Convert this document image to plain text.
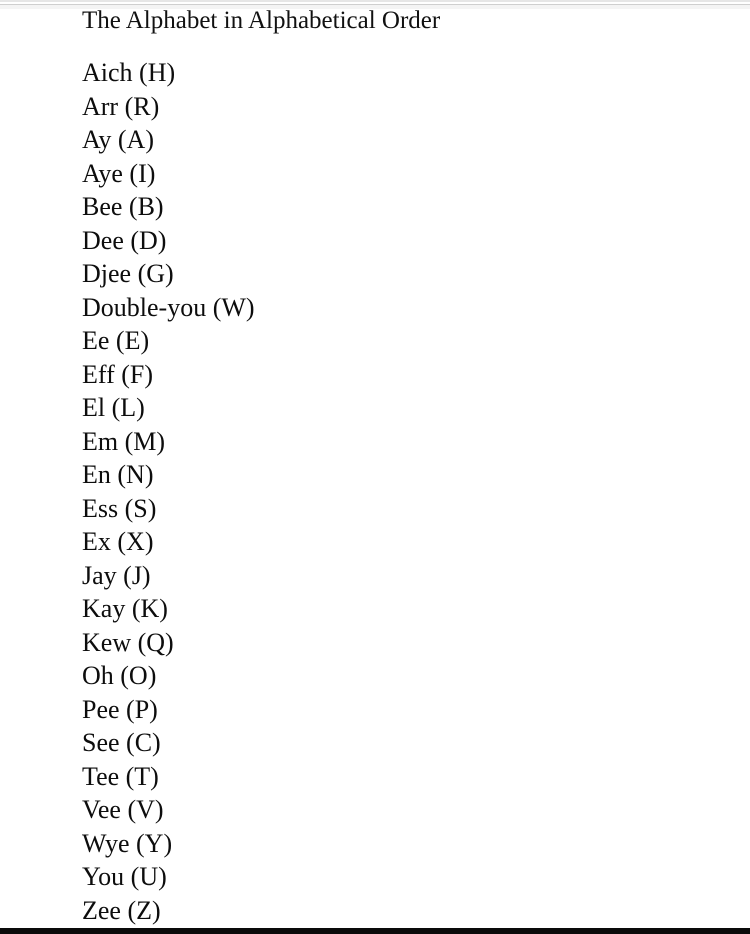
The Alphabet in Alphabetical Order
Aich (H)
Arr (R)
Ay (A)
Aye (I)
Bee (B)
Dee (D)
Djee (G)
Double-you (W)
Ee (E)
Eff (F)
El (L)
Em (M)
En (N)
Ess (S)
Ex (X)
Jay (J)
Kay (K)
Kew (Q)
Oh (O)
Pee (P)
See (C)
Tee (T)
Vee (V)
Wye (Y)
You (U)
Zee (Z)
